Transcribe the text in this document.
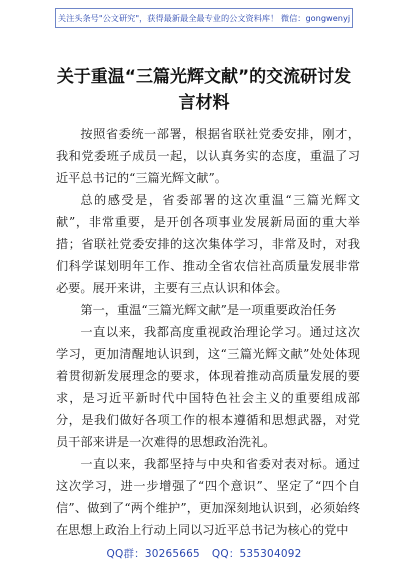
关注头条号"公文研究"，获得最新最全最专业的公文资料库！ 微信：gongwenyj
关于重温“三篇光辉文献”的交流研讨发
言材料

按照省委统一部署，根据省联社党委安排，刚才，我和党委班子成员一起，以认真务实的态度，重温了习近平总书记的“三篇光辉文献”。

总的感受是，省委部署的这次重温“三篇光辉文献”，非常重要，是开创各项事业发展新局面的重大举措；省联社党委安排的这次集体学习，非常及时，对我们科学谋划明年工作、推动全省农信社高质量发展非常必要。展开来讲，主要有三点认识和体会。

第一，重温“三篇光辉文献”是一项重要政治任务

一直以来，我都高度重视政治理论学习。通过这次学习，更加清醒地认识到，这“三篇光辉文献”处处体现着贯彻新发展理念的要求，体现着推动高质量发展的要求，是习近平新时代中国特色社会主义的重要组成部分，是我们做好各项工作的根本遵循和思想武器，对党员干部来讲是一次难得的思想政治洗礼。

一直以来，我都坚持与中央和省委对表对标。通过这次学习，进一步增强了“四个意识”、坚定了“四个自信”、做到了“两个维护”，更加深刻地认识到，必须始终在思想上政治上行动上同以习近平总书记为核心的党中

QQ群：30265665 QQ：535304092
